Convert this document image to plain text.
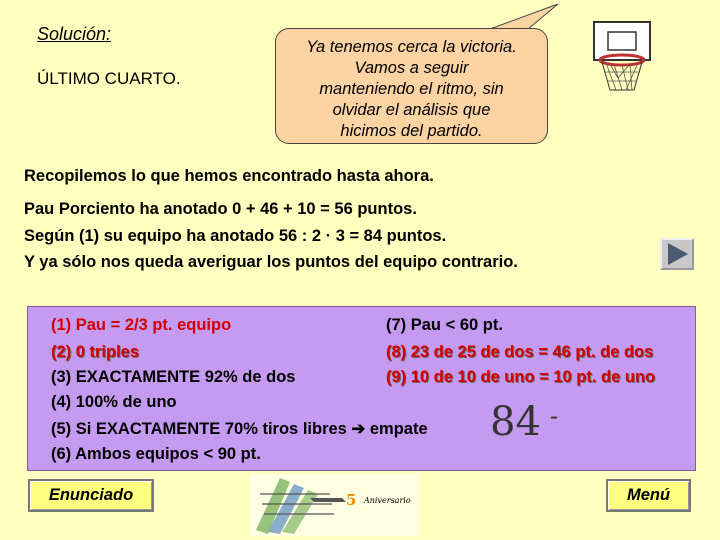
Solución:
ÚLTIMO CUARTO.
Ya tenemos cerca la victoria.
Vamos a seguir
manteniendo el ritmo, sin
olvidar el análisis que
hicimos del partido.
Recopilemos lo que hemos encontrado hasta ahora.
Pau Porciento ha anotado 0 + 46 + 10 = 56 puntos.
Según (1) su equipo ha anotado 56 : 2 · 3 = 84 puntos.
Y ya sólo nos queda averiguar los puntos del equipo contrario.
(1) Pau = 2/3 pt. equipo
(2) 0 triples
(3) EXACTAMENTE 92% de dos
(4) 100% de uno
(5) Si EXACTAMENTE 70% tiros libres ➔ empate
(6) Ambos equipos < 90 pt.
(7) Pau < 60 pt.
(8) 23 de 25 de dos = 46 pt. de dos
(9) 10 de 10 de uno = 10 pt. de uno
84 -
Enunciado	Menú
5 Aniversario
